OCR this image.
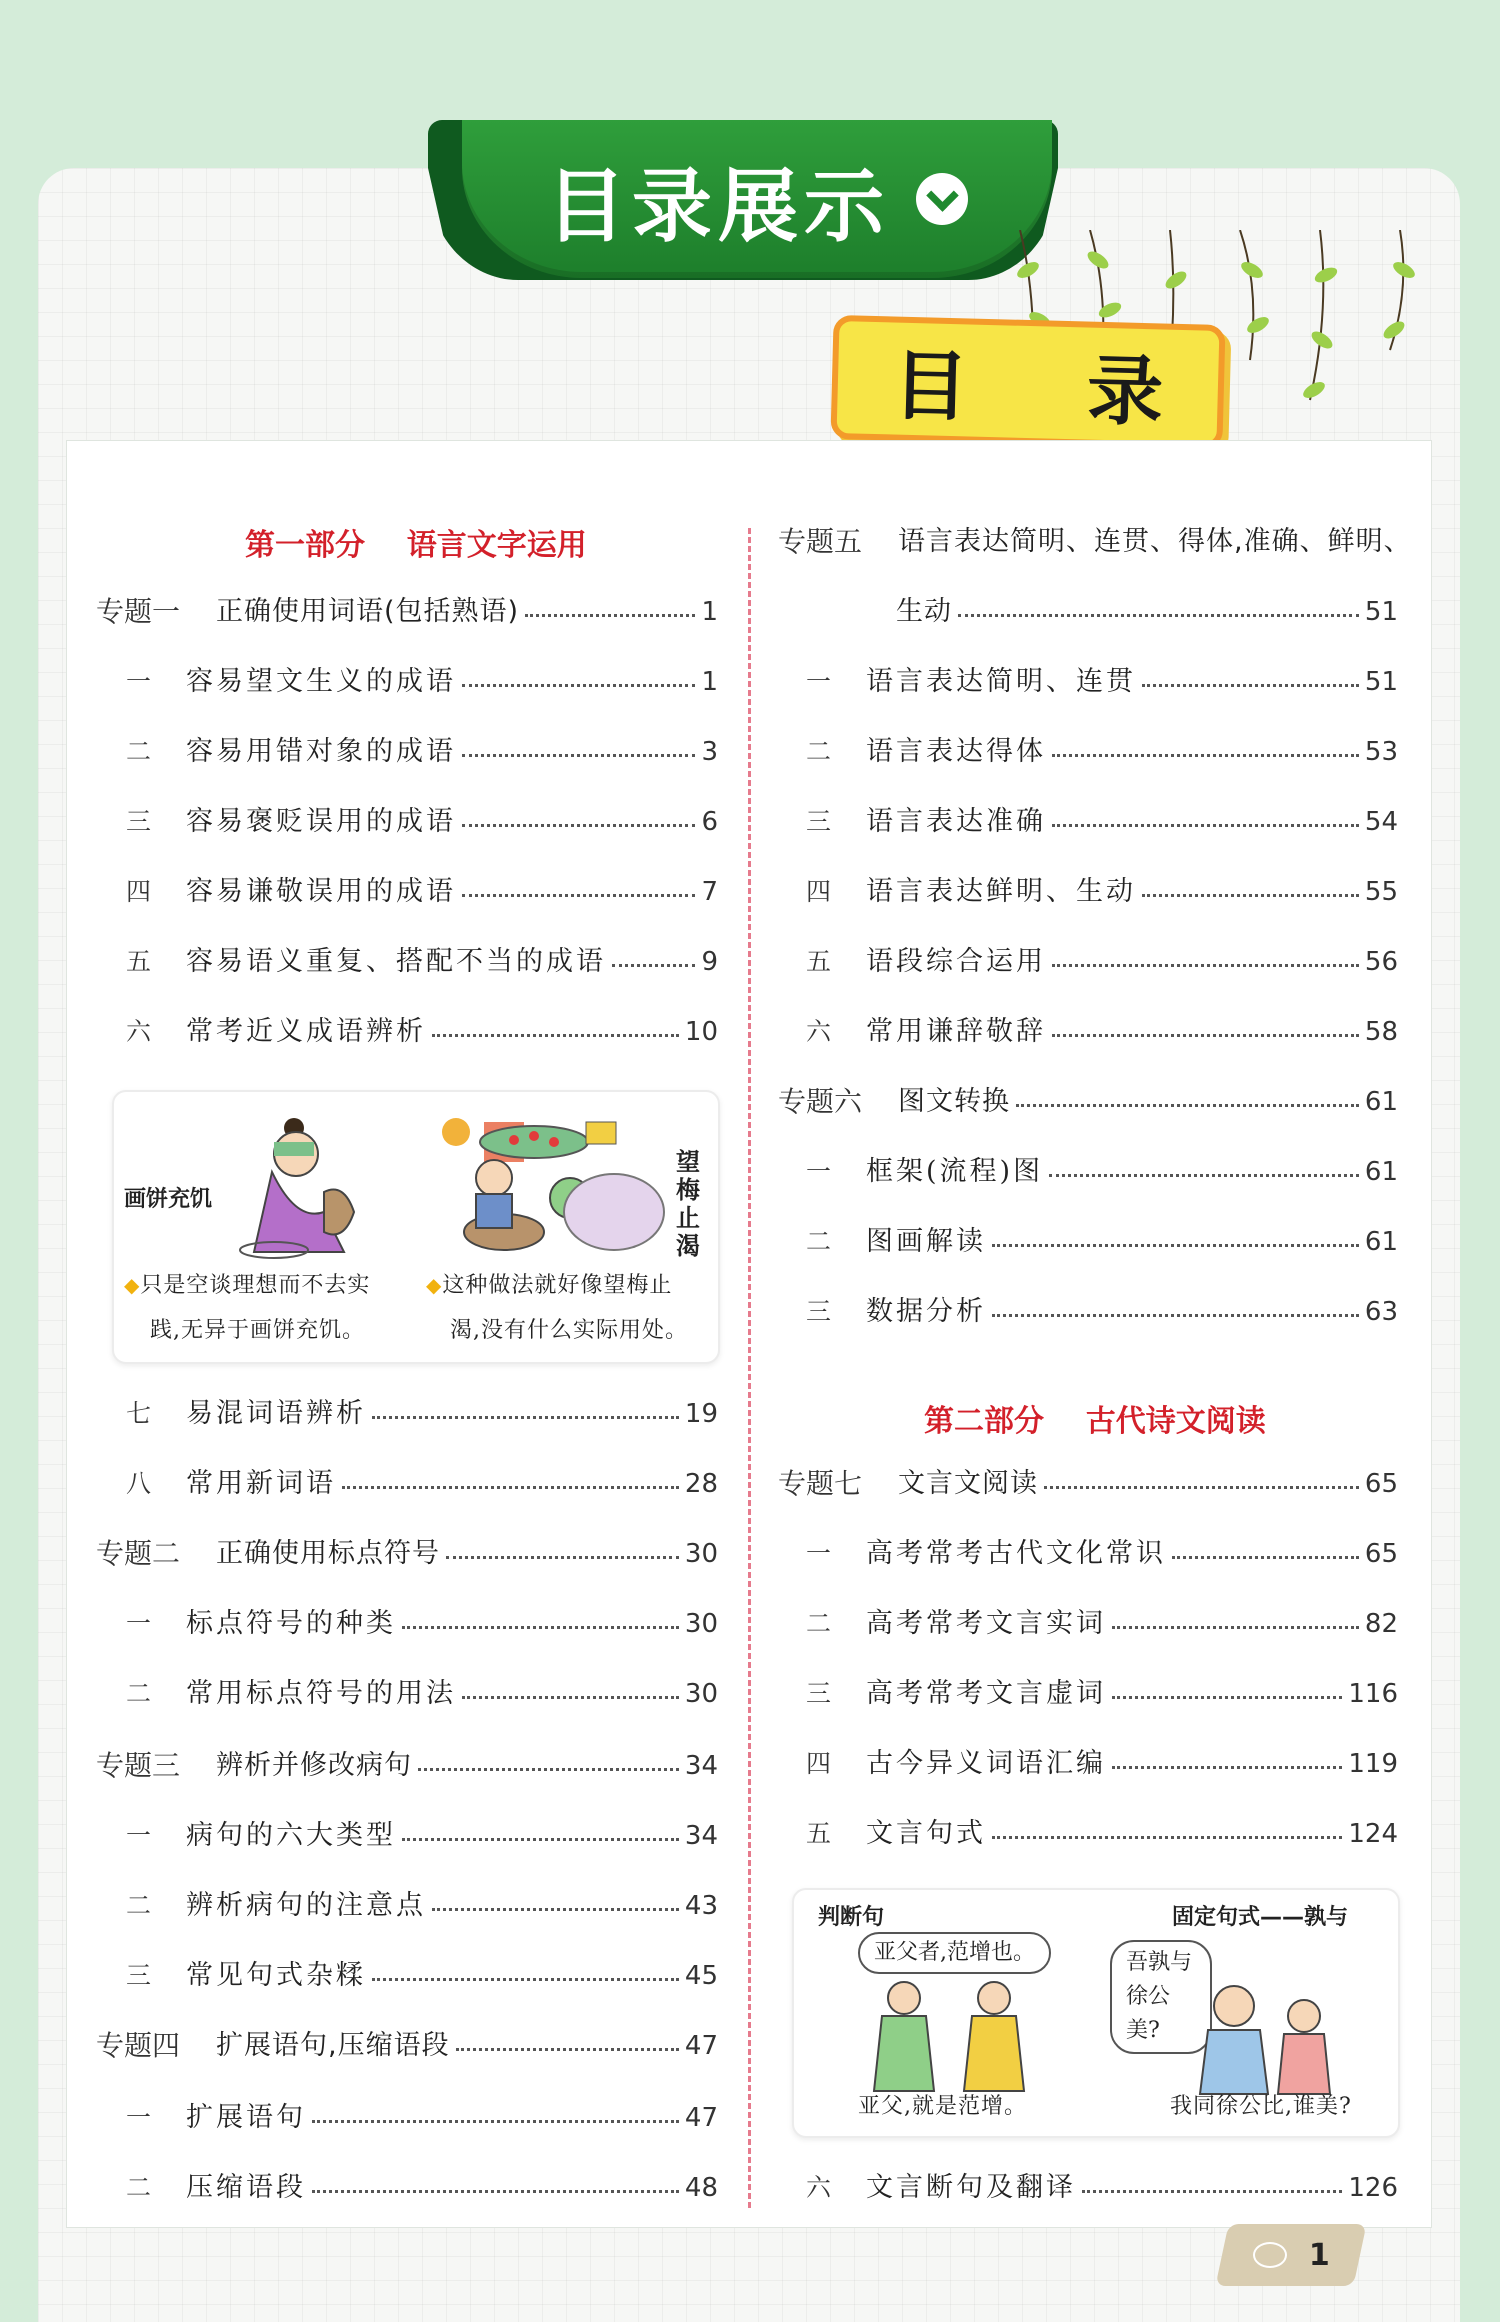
目录展示
目 录
第一部分    语言文字运用
第二部分    古代诗文阅读
专题一	正确使用词语(包括熟语)	1
一	容易望文生义的成语	1
二	容易用错对象的成语	3
三	容易褒贬误用的成语	6
四	容易谦敬误用的成语	7
五	容易语义重复、搭配不当的成语	9
六	常考近义成语辨析	10
七	易混词语辨析	19
八	常用新词语	28
专题二	正确使用标点符号	30
一	标点符号的种类	30
二	常用标点符号的用法	30
专题三	辨析并修改病句	34
一	病句的六大类型	34
二	辨析病句的注意点	43
三	常见句式杂糅	45
专题四	扩展语句,压缩语段	47
一	扩展语句	47
二	压缩语段	48
专题五	语言表达简明、连贯、得体,准确、鲜明、
生动	51
一	语言表达简明、连贯	51
二	语言表达得体	53
三	语言表达准确	54
四	语言表达鲜明、生动	55
五	语段综合运用	56
六	常用谦辞敬辞	58
专题六	图文转换	61
一	框架(流程)图	61
二	图画解读	61
三	数据分析	63
专题七	文言文阅读	65
一	高考常考古代文化常识	65
二	高考常考文言实词	82
三	高考常考文言虚词	116
四	古今异义词语汇编	119
五	文言句式	124
六	文言断句及翻译	126
画饼充饥
望梅止渴
◆只是空谈理想而不去实
践,无异于画饼充饥。
◆这种做法就好像望梅止
渴,没有什么实际用处。
判断句	固定句式——孰与
亚父者,范增也。	吾孰与
徐公美?
亚父,就是范增。	我同徐公比,谁美?
1
